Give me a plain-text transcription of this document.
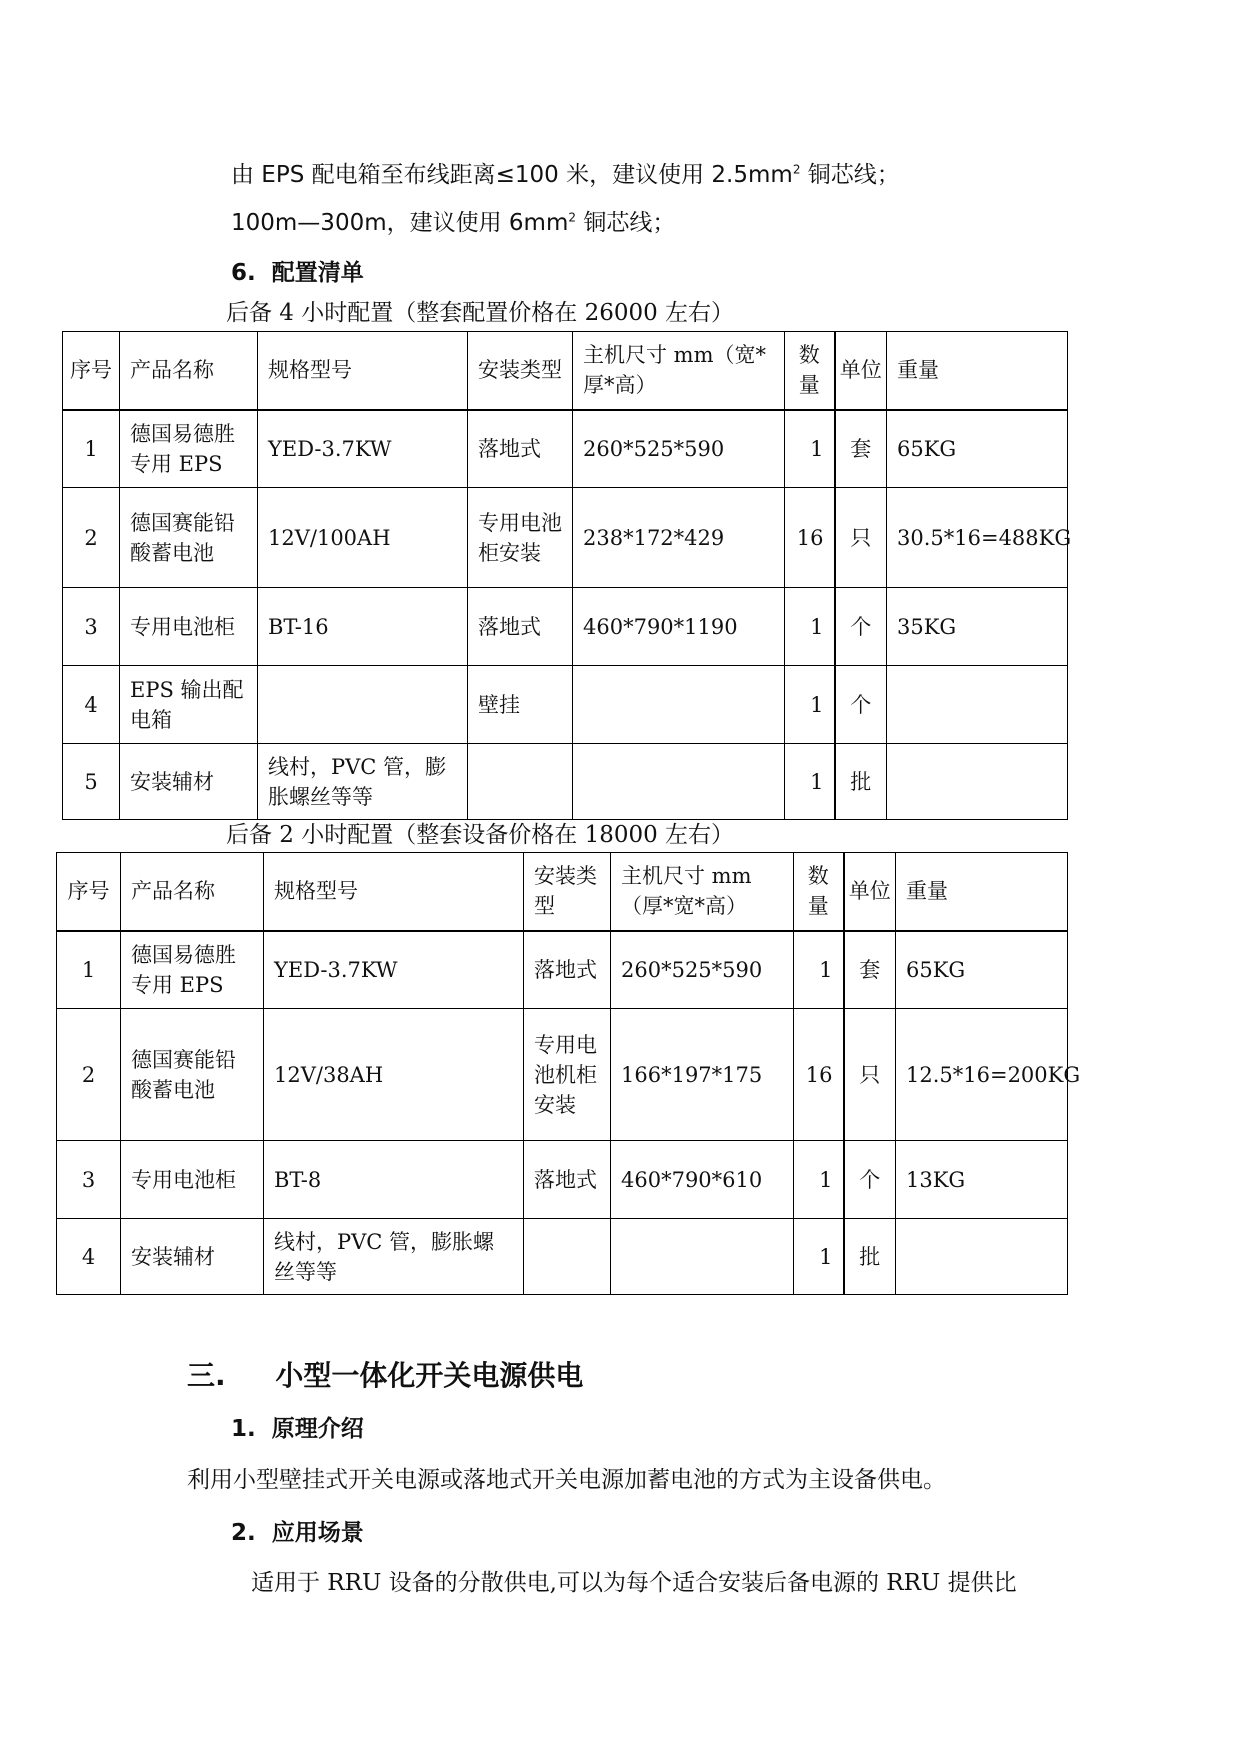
由 EPS 配电箱至布线距离≤100 米，建议使用 $2.5mm^2$ 铜芯线；
100m—300m，建议使用 $6mm^2$ 铜芯线；
6. 配置清单
后备 4 小时配置（整套配置价格在 26000 左右）
序号	产品名称	规格型号	安装类型	主机尺寸 mm（宽*厚*高）	数量	单位	重量
1	德国易德胜专用 EPS	YED-3.7KW	落地式	260*525*590	1	套	65KG
2	德国赛能铅酸蓄电池	12V/100AH	专用电池柜安装	238*172*429	16	只	30.5*16=488KG
3	专用电池柜	BT-16	落地式	460*790*1190	1	个	35KG
4	EPS 输出配电箱		壁挂		1	个	
5	安装辅材	线村，PVC 管，膨胀螺丝等等			1	批	
后备 2 小时配置（整套设备价格在 18000 左右）
序号	产品名称	规格型号	安装类型	主机尺寸 mm（厚*宽*高）	数量	单位	重量
1	德国易德胜专用 EPS	YED-3.7KW	落地式	260*525*590	1	套	65KG
2	德国赛能铅酸蓄电池	12V/38AH	专用电池机柜安装	166*197*175	16	只	12.5*16=200KG
3	专用电池柜	BT-8	落地式	460*790*610	1	个	13KG
4	安装辅材	线村，PVC 管，膨胀螺丝等等			1	批	
三. 小型一体化开关电源供电
1. 原理介绍
利用小型壁挂式开关电源或落地式开关电源加蓄电池的方式为主设备供电。
2. 应用场景
适用于 RRU 设备的分散供电,可以为每个适合安装后备电源的 RRU 提供比
